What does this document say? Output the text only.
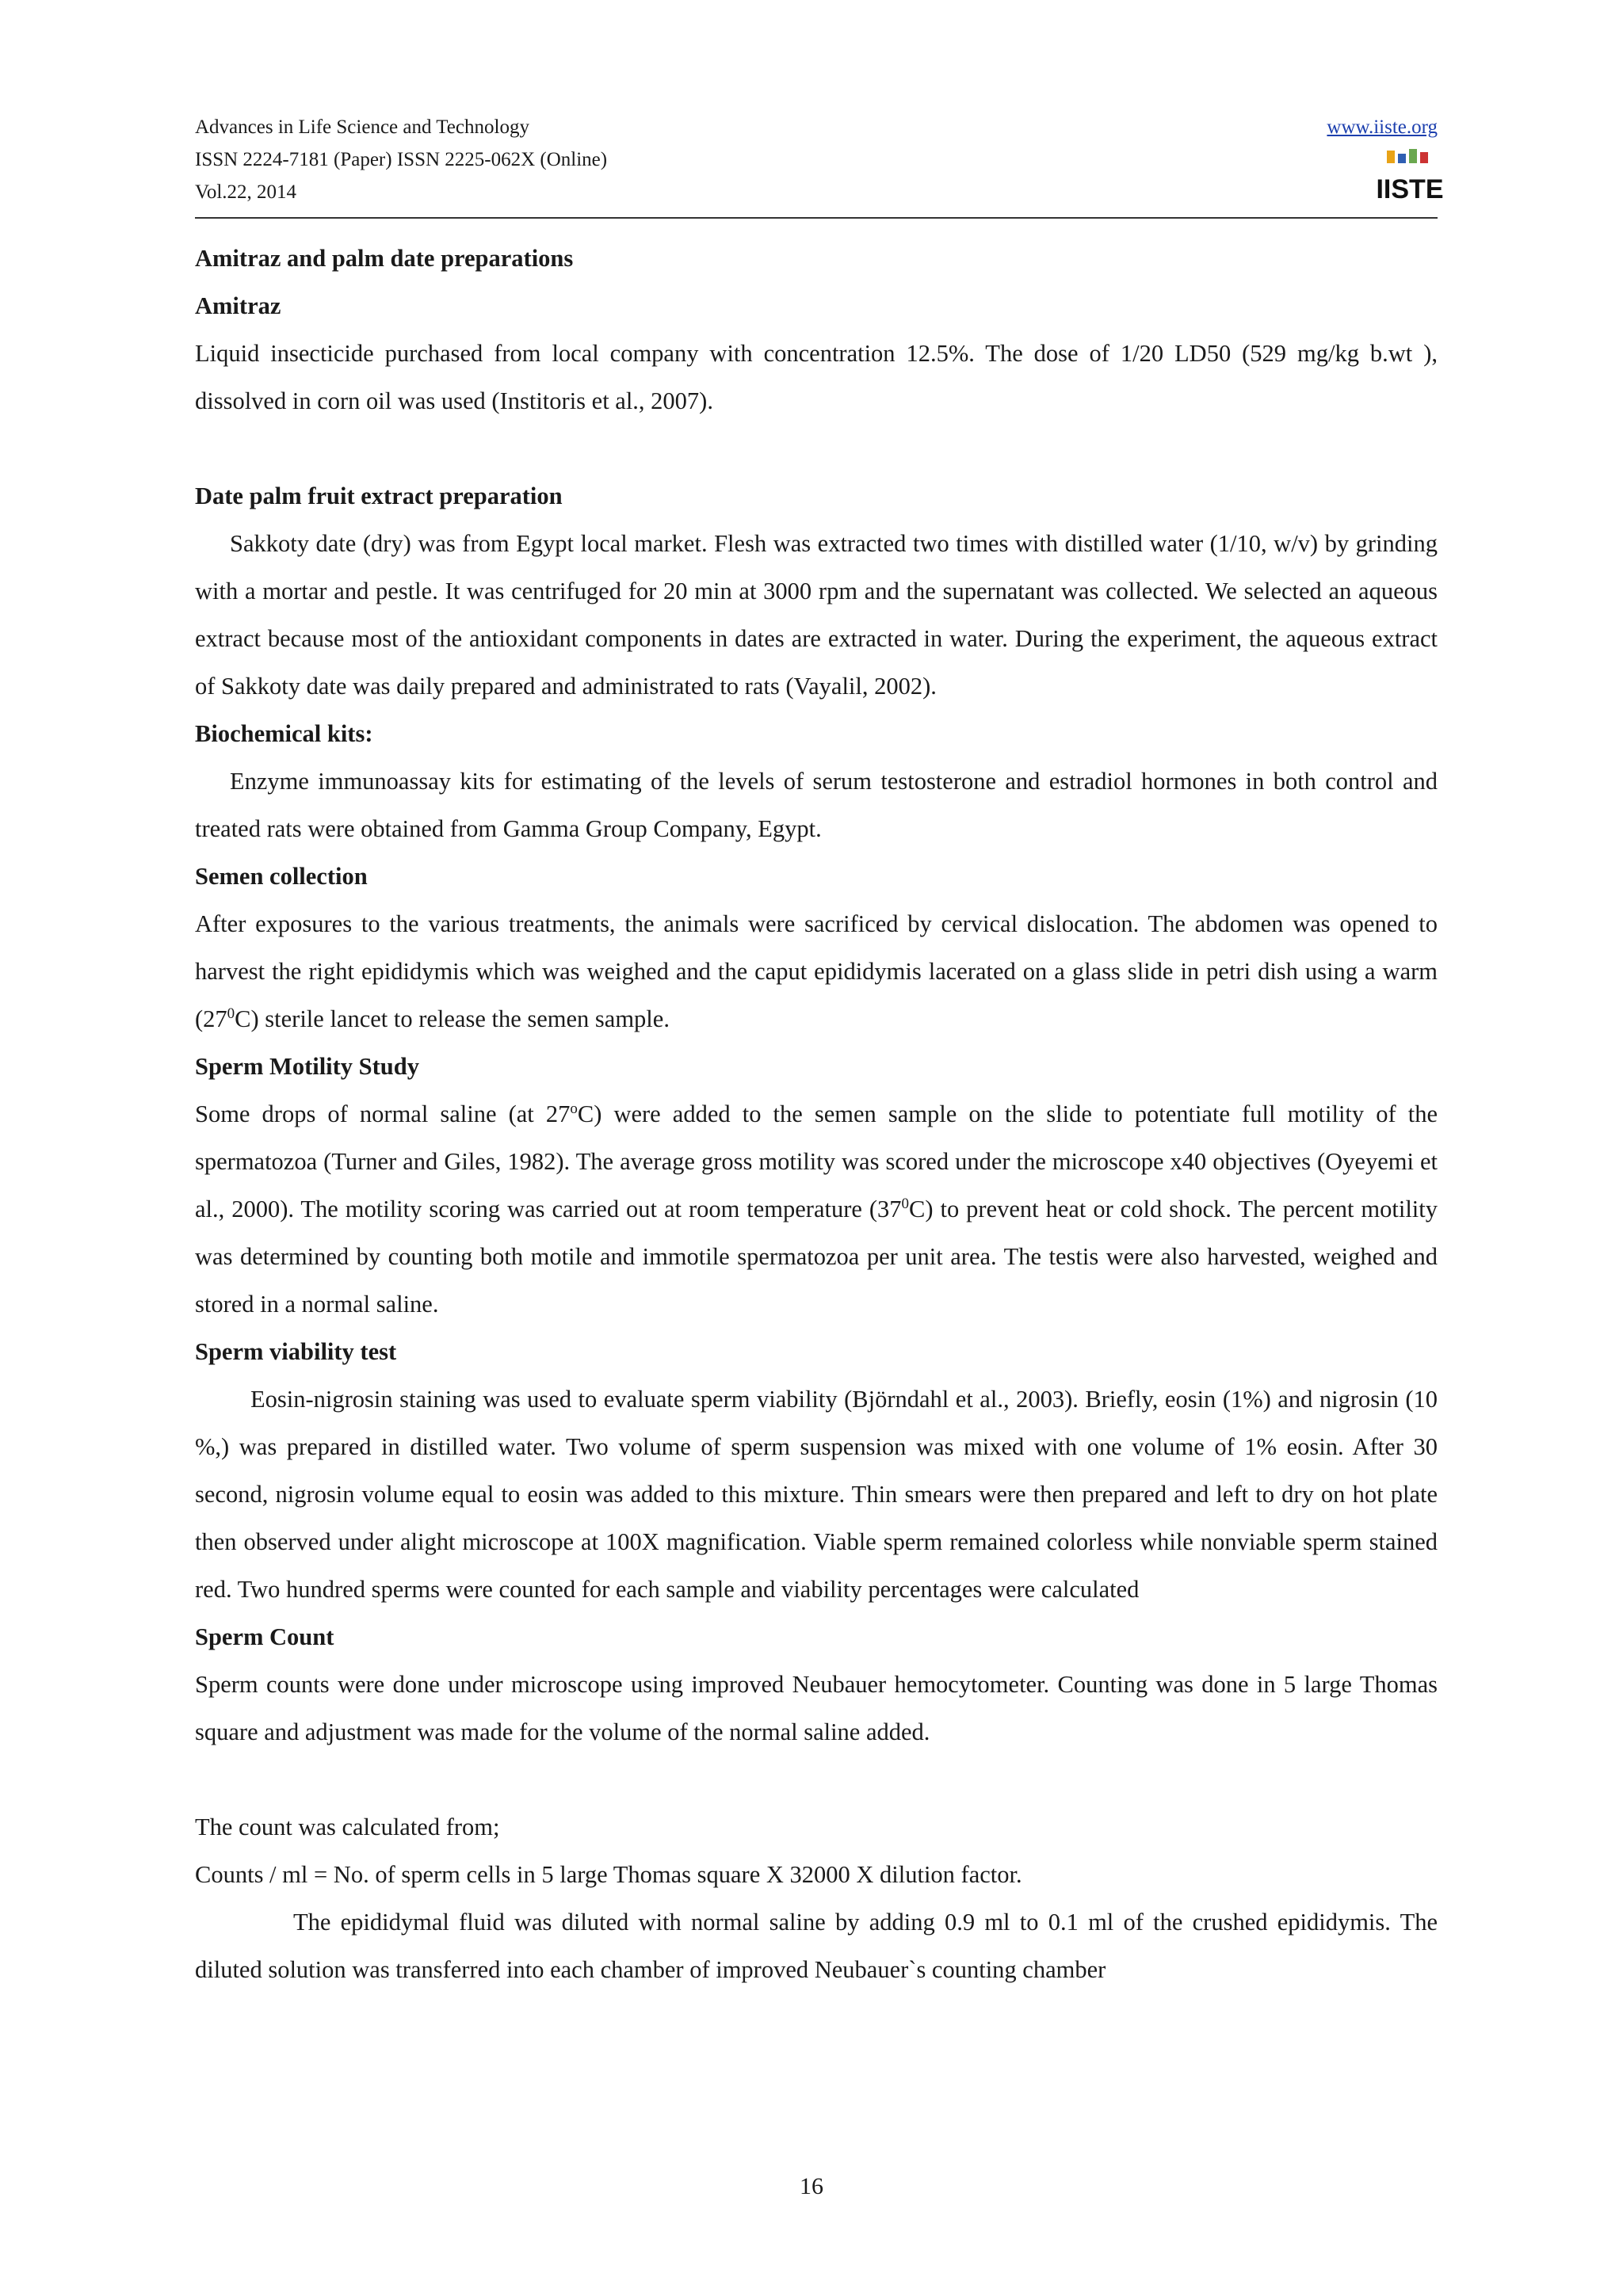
Advances in Life Science and Technology
ISSN 2224-7181 (Paper) ISSN 2225-062X (Online)
Vol.22, 2014
www.iiste.org
IISTE
Amitraz and palm date preparations
Amitraz

Liquid insecticide purchased from local company with concentration 12.5%. The dose of 1/20 LD50 (529 mg/kg b.wt ), dissolved in corn oil was used (Institoris et al., 2007).

Date palm fruit extract preparation

Sakkoty date (dry) was from Egypt local market. Flesh was extracted two times with distilled water (1/10, w/v) by grinding with a mortar and pestle. It was centrifuged for 20 min at 3000 rpm and the supernatant was collected. We selected an aqueous extract because most of the antioxidant components in dates are extracted in water. During the experiment, the aqueous extract of Sakkoty date was daily prepared and administrated to rats (Vayalil, 2002).

Biochemical kits:

Enzyme immunoassay kits for estimating of the levels of serum testosterone and estradiol hormones in both control and treated rats were obtained from Gamma Group Company, Egypt.

Semen collection

After exposures to the various treatments, the animals were sacrificed by cervical dislocation. The abdomen was opened to harvest the right epididymis which was weighed and the caput epididymis lacerated on a glass slide in petri dish using a warm $(27^0C)$ sterile lancet to release the semen sample.

Sperm Motility Study

Some drops of normal saline (at 27$^o$C) were added to the semen sample on the slide to potentiate full motility of the spermatozoa (Turner and Giles, 1982). The average gross motility was scored under the microscope x40 objectives (Oyeyemi et al., 2000). The motility scoring was carried out at room temperature $(37^0C)$ to prevent heat or cold shock. The percent motility was determined by counting both motile and immotile spermatozoa per unit area. The testis were also harvested, weighed and stored in a normal saline.

Sperm viability test

Eosin-nigrosin staining was used to evaluate sperm viability (Björndahl et al., 2003). Briefly, eosin (1%) and nigrosin (10 %,) was prepared in distilled water. Two volume of sperm suspension was mixed with one volume of 1% eosin. After 30 second, nigrosin volume equal to eosin was added to this mixture. Thin smears were then prepared and left to dry on hot plate then observed under alight microscope at 100X magnification. Viable sperm remained colorless while nonviable sperm stained red. Two hundred sperms were counted for each sample and viability percentages were calculated

Sperm Count

Sperm counts were done under microscope using improved Neubauer hemocytometer. Counting was done in 5 large Thomas square and adjustment was made for the volume of the normal saline added.

The count was calculated from;

Counts / ml = No. of sperm cells in 5 large Thomas square X 32000 X dilution factor.

The epididymal fluid was diluted with normal saline by adding 0.9 ml to 0.1 ml of the crushed epididymis. The diluted solution was transferred into each chamber of improved Neubauer`s counting chamber

16
